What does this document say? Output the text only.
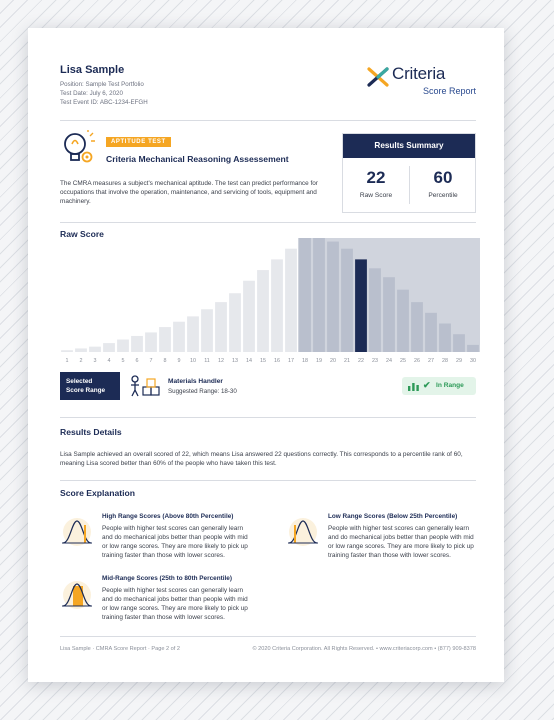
Lisa Sample
Position: Sample Test Portfolio
Test Date: July 6, 2020
Test Event ID: ABC-1234-EFGH
Criteria
Score Report
APTITUDE TEST
Criteria Mechanical Reasoning Assessement
The CMRA measures a subject's mechanical aptitude. The test can predict performance for occupations that involve the operation, maintenance, and servicing of tools, equipment and machinery.
Results Summary
22
Raw Score
60
Percentile
Raw Score
1 2 3 4 5 6 7 8 9 10 11 12 13 14 15 16 17 18 19 20 21 22 23 24 25 26 27 28 29 30
Selected
Score Range
Materials Handler
Suggested Range: 18-30
✔ In Range
Results Details
Lisa Sample achieved an overall scored of 22, which means Lisa answered 22 questions correctly. This corresponds to a percentile rank of 60, meaning Lisa scored better than 60% of the people who have taken this test.
Score Explanation
High Range Scores (Above 80th Percentile)
People with higher test scores can generally learn
and do mechanical jobs better than people with mid
or low range scores. They are more likely to pick up
training faster than those with lower scores.
Low Range Scores (Below 25th Percentile)
People with higher test scores can generally learn
and do mechanical jobs better than people with mid
or low range scores. They are more likely to pick up
training faster than those with lower scores.
Mid-Range Scores (25th to 80th Percentile)
People with higher test scores can generally learn
and do mechanical jobs better than people with mid
or low range scores. They are more likely to pick up
training faster than those with lower scores.
Lisa Sample · CMRA Score Report · Page 2 of 2	© 2020 Criteria Corporation. All Rights Reserved. • www.criteriacorp.com • (877) 909-8378
